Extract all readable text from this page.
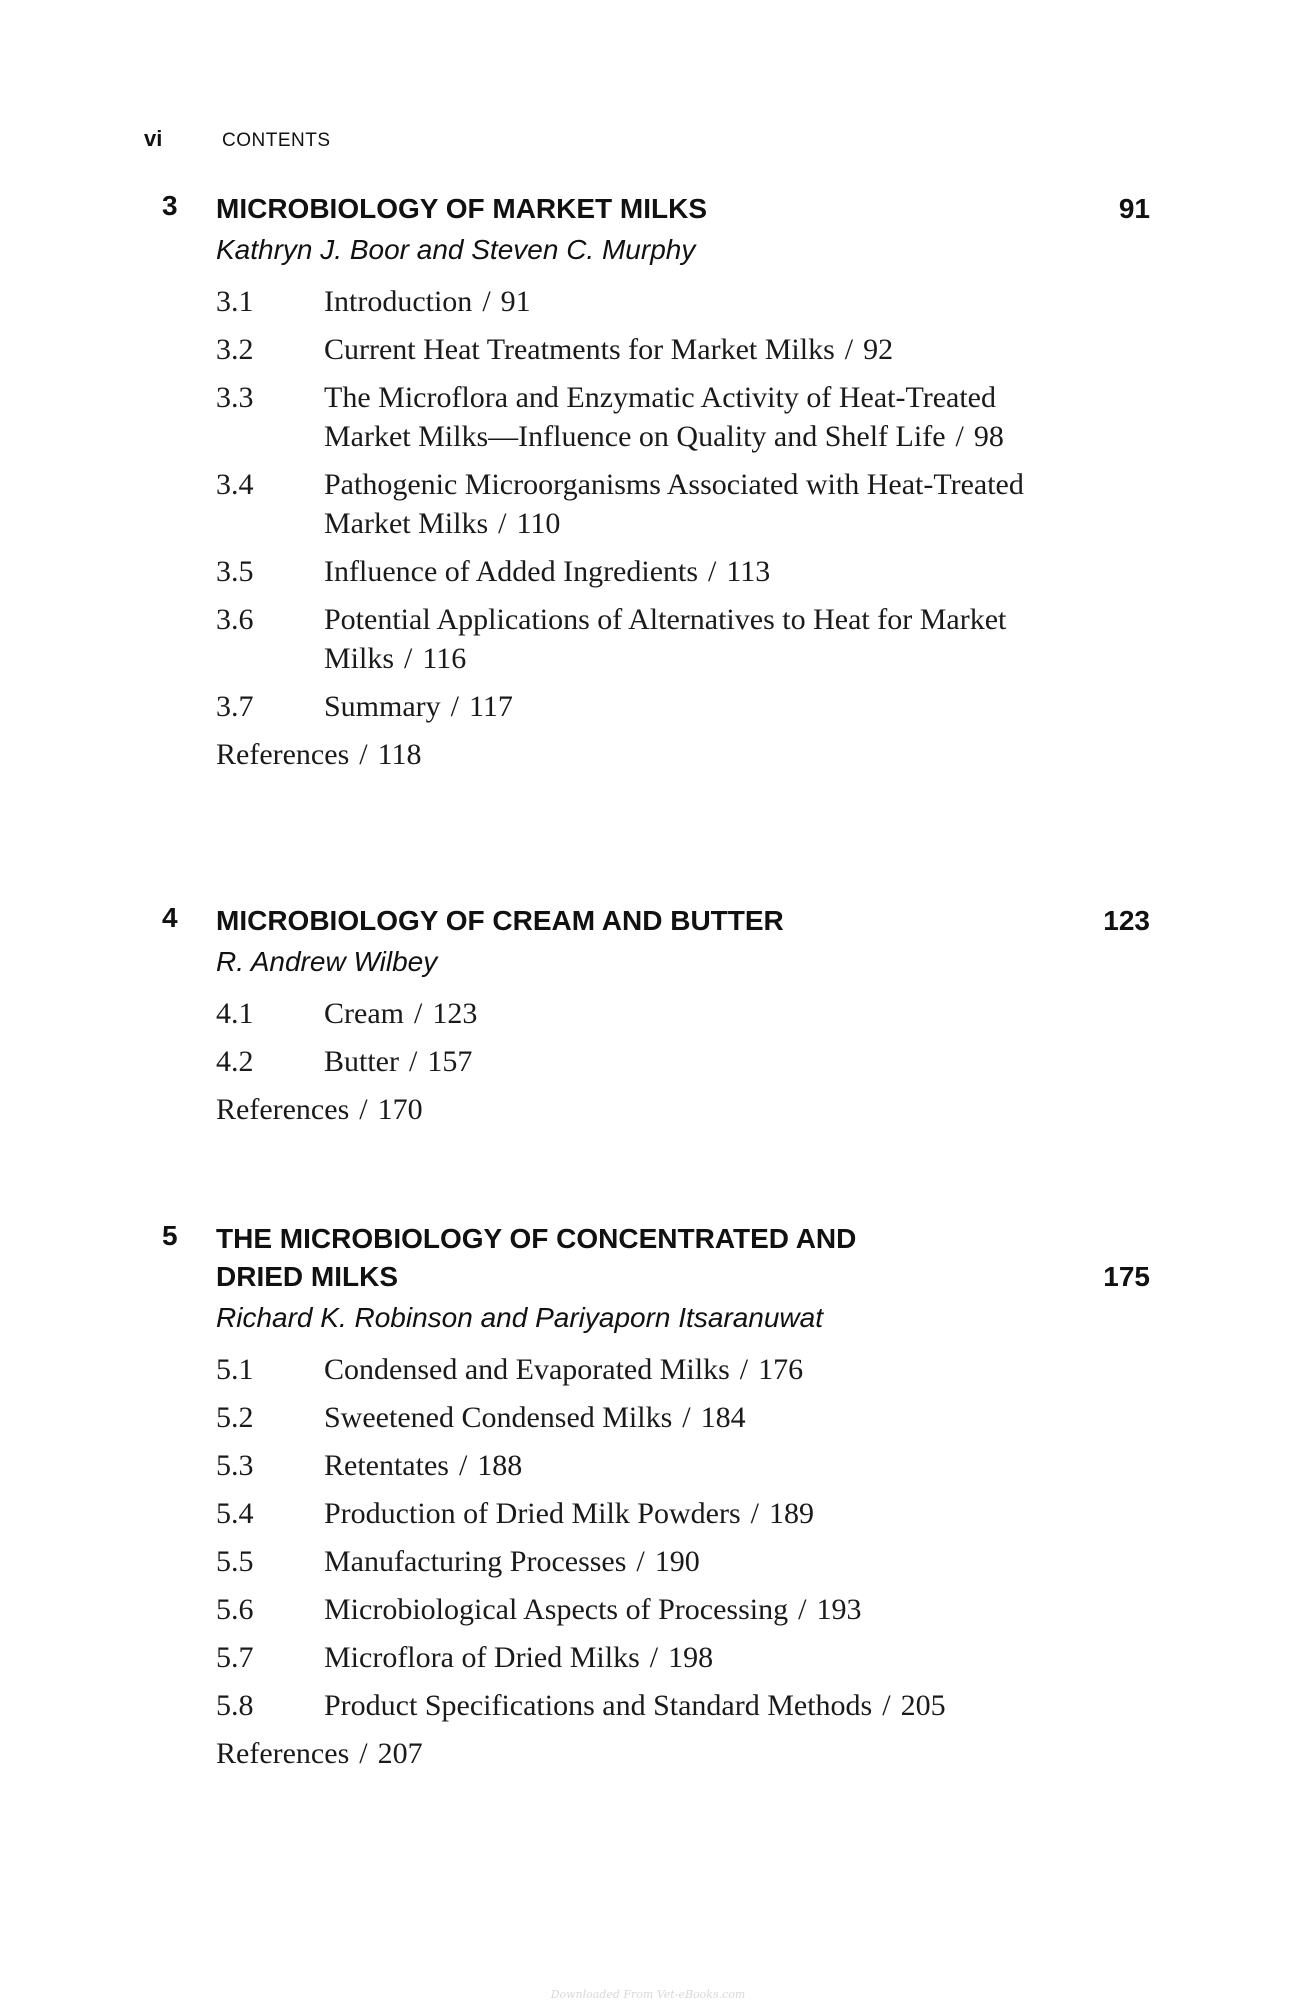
vi	CONTENTS
3 MICROBIOLOGY OF MARKET MILKS	91
Kathryn J. Boor and Steven C. Murphy
3.1	Introduction / 91
3.2	Current Heat Treatments for Market Milks / 92
3.3	The Microflora and Enzymatic Activity of Heat-Treated Market Milks—Influence on Quality and Shelf Life / 98
3.4	Pathogenic Microorganisms Associated with Heat-Treated Market Milks / 110
3.5	Influence of Added Ingredients / 113
3.6	Potential Applications of Alternatives to Heat for Market Milks / 116
3.7	Summary / 117
References / 118
4 MICROBIOLOGY OF CREAM AND BUTTER	123
R. Andrew Wilbey
4.1	Cream / 123
4.2	Butter / 157
References / 170
5 THE MICROBIOLOGY OF CONCENTRATED AND
DRIED MILKS	175
Richard K. Robinson and Pariyaporn Itsaranuwat
5.1	Condensed and Evaporated Milks / 176
5.2	Sweetened Condensed Milks / 184
5.3	Retentates / 188
5.4	Production of Dried Milk Powders / 189
5.5	Manufacturing Processes / 190
5.6	Microbiological Aspects of Processing / 193
5.7	Microflora of Dried Milks / 198
5.8	Product Specifications and Standard Methods / 205
References / 207
Downloaded From Vet-eBooks.com
